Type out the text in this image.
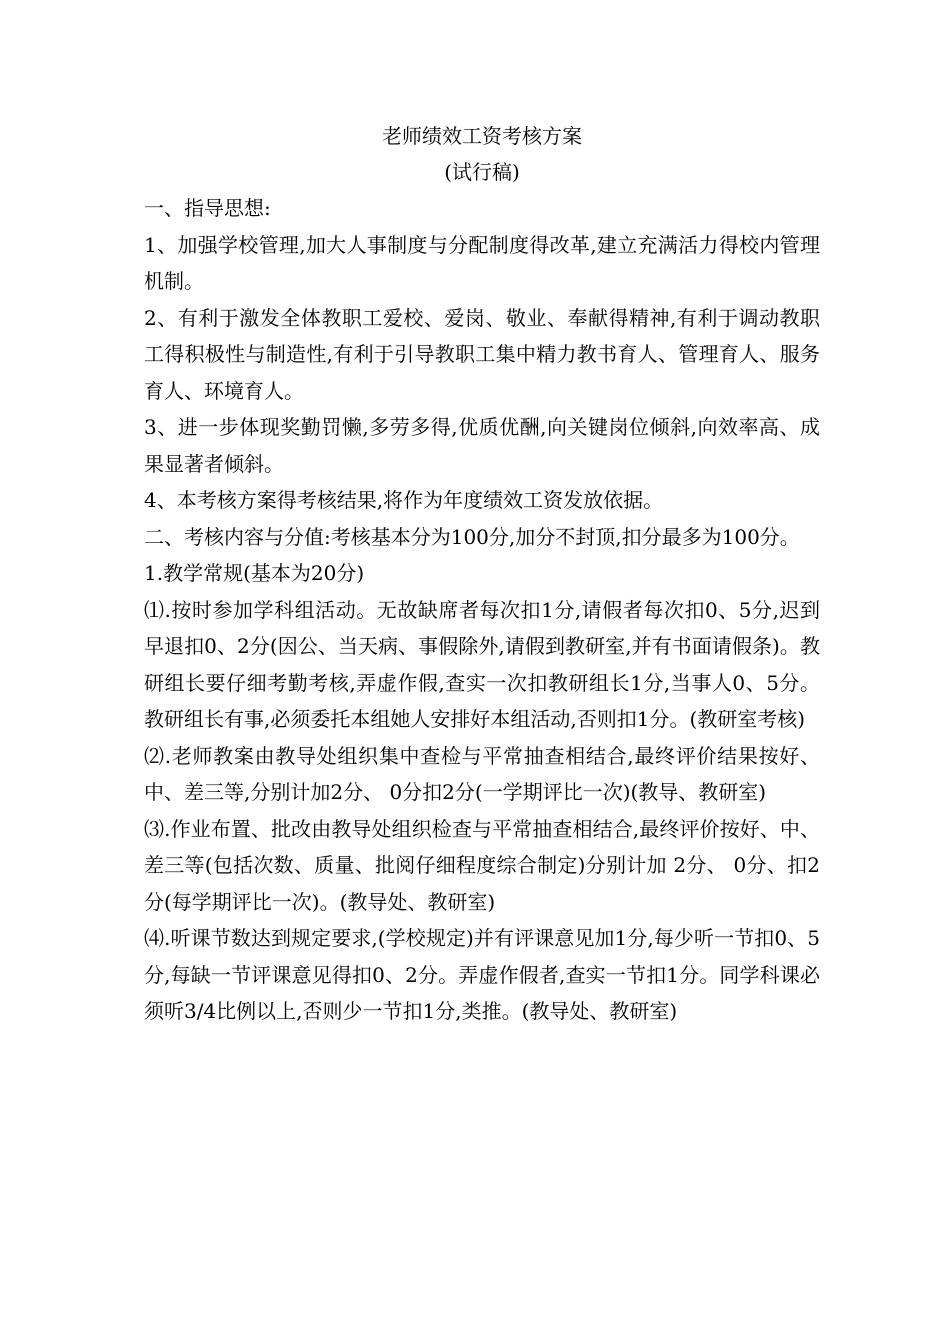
老师绩效工资考核方案

(试行稿)

一、指导思想:

1、加强学校管理,加大人事制度与分配制度得改革,建立充满活力得校内管理机制。

2、有利于激发全体教职工爱校、爱岗、敬业、奉献得精神,有利于调动教职工得积极性与制造性,有利于引导教职工集中精力教书育人、管理育人、服务育人、环境育人。

3、进一步体现奖勤罚懒,多劳多得,优质优酬,向关键岗位倾斜,向效率高、成果显著者倾斜。

4、本考核方案得考核结果,将作为年度绩效工资发放依据。

二、考核内容与分值:考核基本分为100分,加分不封顶,扣分最多为100分。

1.教学常规(基本为20分)

⑴.按时参加学科组活动。无故缺席者每次扣1分,请假者每次扣0、5分,迟到早退扣0、2分(因公、当天病、事假除外,请假到教研室,并有书面请假条)。教研组长要仔细考勤考核,弄虚作假,查实一次扣教研组长1分,当事人0、5分。教研组长有事,必须委托本组她人安排好本组活动,否则扣1分。(教研室考核)

⑵.老师教案由教导处组织集中查检与平常抽查相结合,最终评价结果按好、中、差三等,分别计加2分、 0分扣2分(一学期评比一次)(教导、教研室)

⑶.作业布置、批改由教导处组织检查与平常抽查相结合,最终评价按好、中、差三等(包括次数、质量、批阅仔细程度综合制定)分别计加 2分、 0分、扣2分(每学期评比一次)。(教导处、教研室)

⑷.听课节数达到规定要求,(学校规定)并有评课意见加1分,每少听一节扣0、5分,每缺一节评课意见得扣0、2分。弄虚作假者,查实一节扣1分。同学科课必须听3/4比例以上,否则少一节扣1分,类推。(教导处、教研室)
